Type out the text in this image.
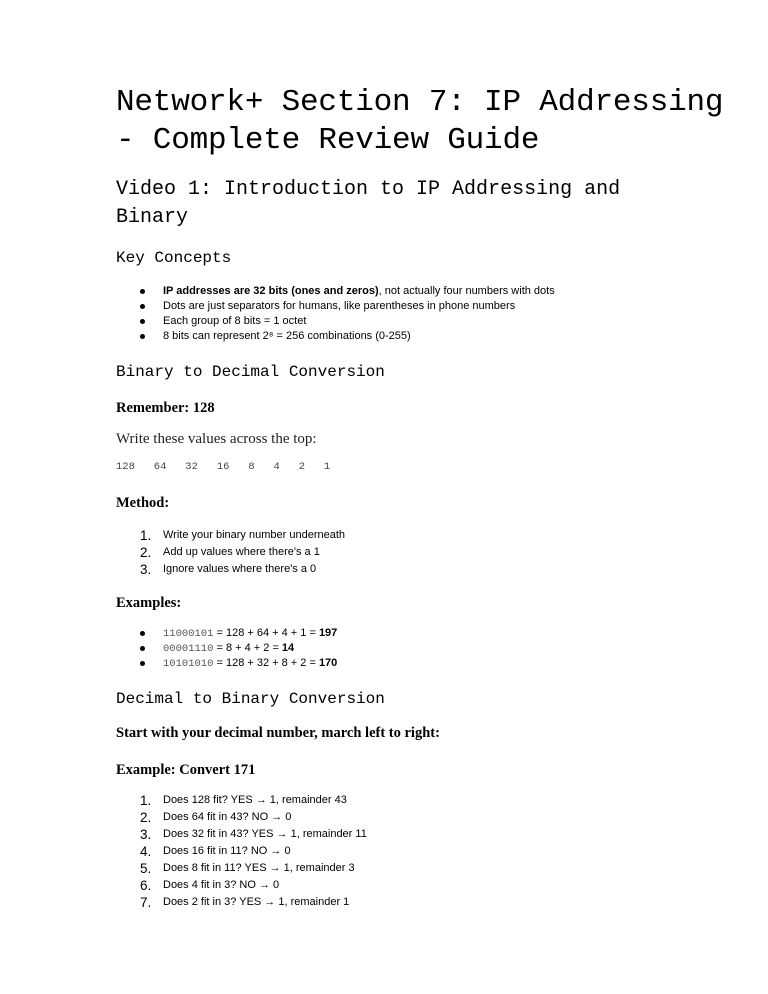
Network+ Section 7: IP Addressing
- Complete Review Guide
Video 1: Introduction to IP Addressing and
Binary
Key Concepts
IP addresses are 32 bits (ones and zeros), not actually four numbers with dots
Dots are just separators for humans, like parentheses in phone numbers
Each group of 8 bits = 1 octet
8 bits can represent 2⁸ = 256 combinations (0-255)
Binary to Decimal Conversion

Remember: 128

Write these values across the top:

128   64   32   16   8   4   2   1

Method:

1. Write your binary number underneath
2. Add up values where there's a 1
3. Ignore values where there's a 0

Examples:

11000101 = 128 + 64 + 4 + 1 = 197
00001110 = 8 + 4 + 2 = 14
10101010 = 128 + 32 + 8 + 2 = 170
Decimal to Binary Conversion

Start with your decimal number, march left to right:

Example: Convert 171

1. Does 128 fit? YES → 1, remainder 43
2. Does 64 fit in 43? NO → 0
3. Does 32 fit in 43? YES → 1, remainder 11
4. Does 16 fit in 11? NO → 0
5. Does 8 fit in 11? YES → 1, remainder 3
6. Does 4 fit in 3? NO → 0
7. Does 2 fit in 3? YES → 1, remainder 1
